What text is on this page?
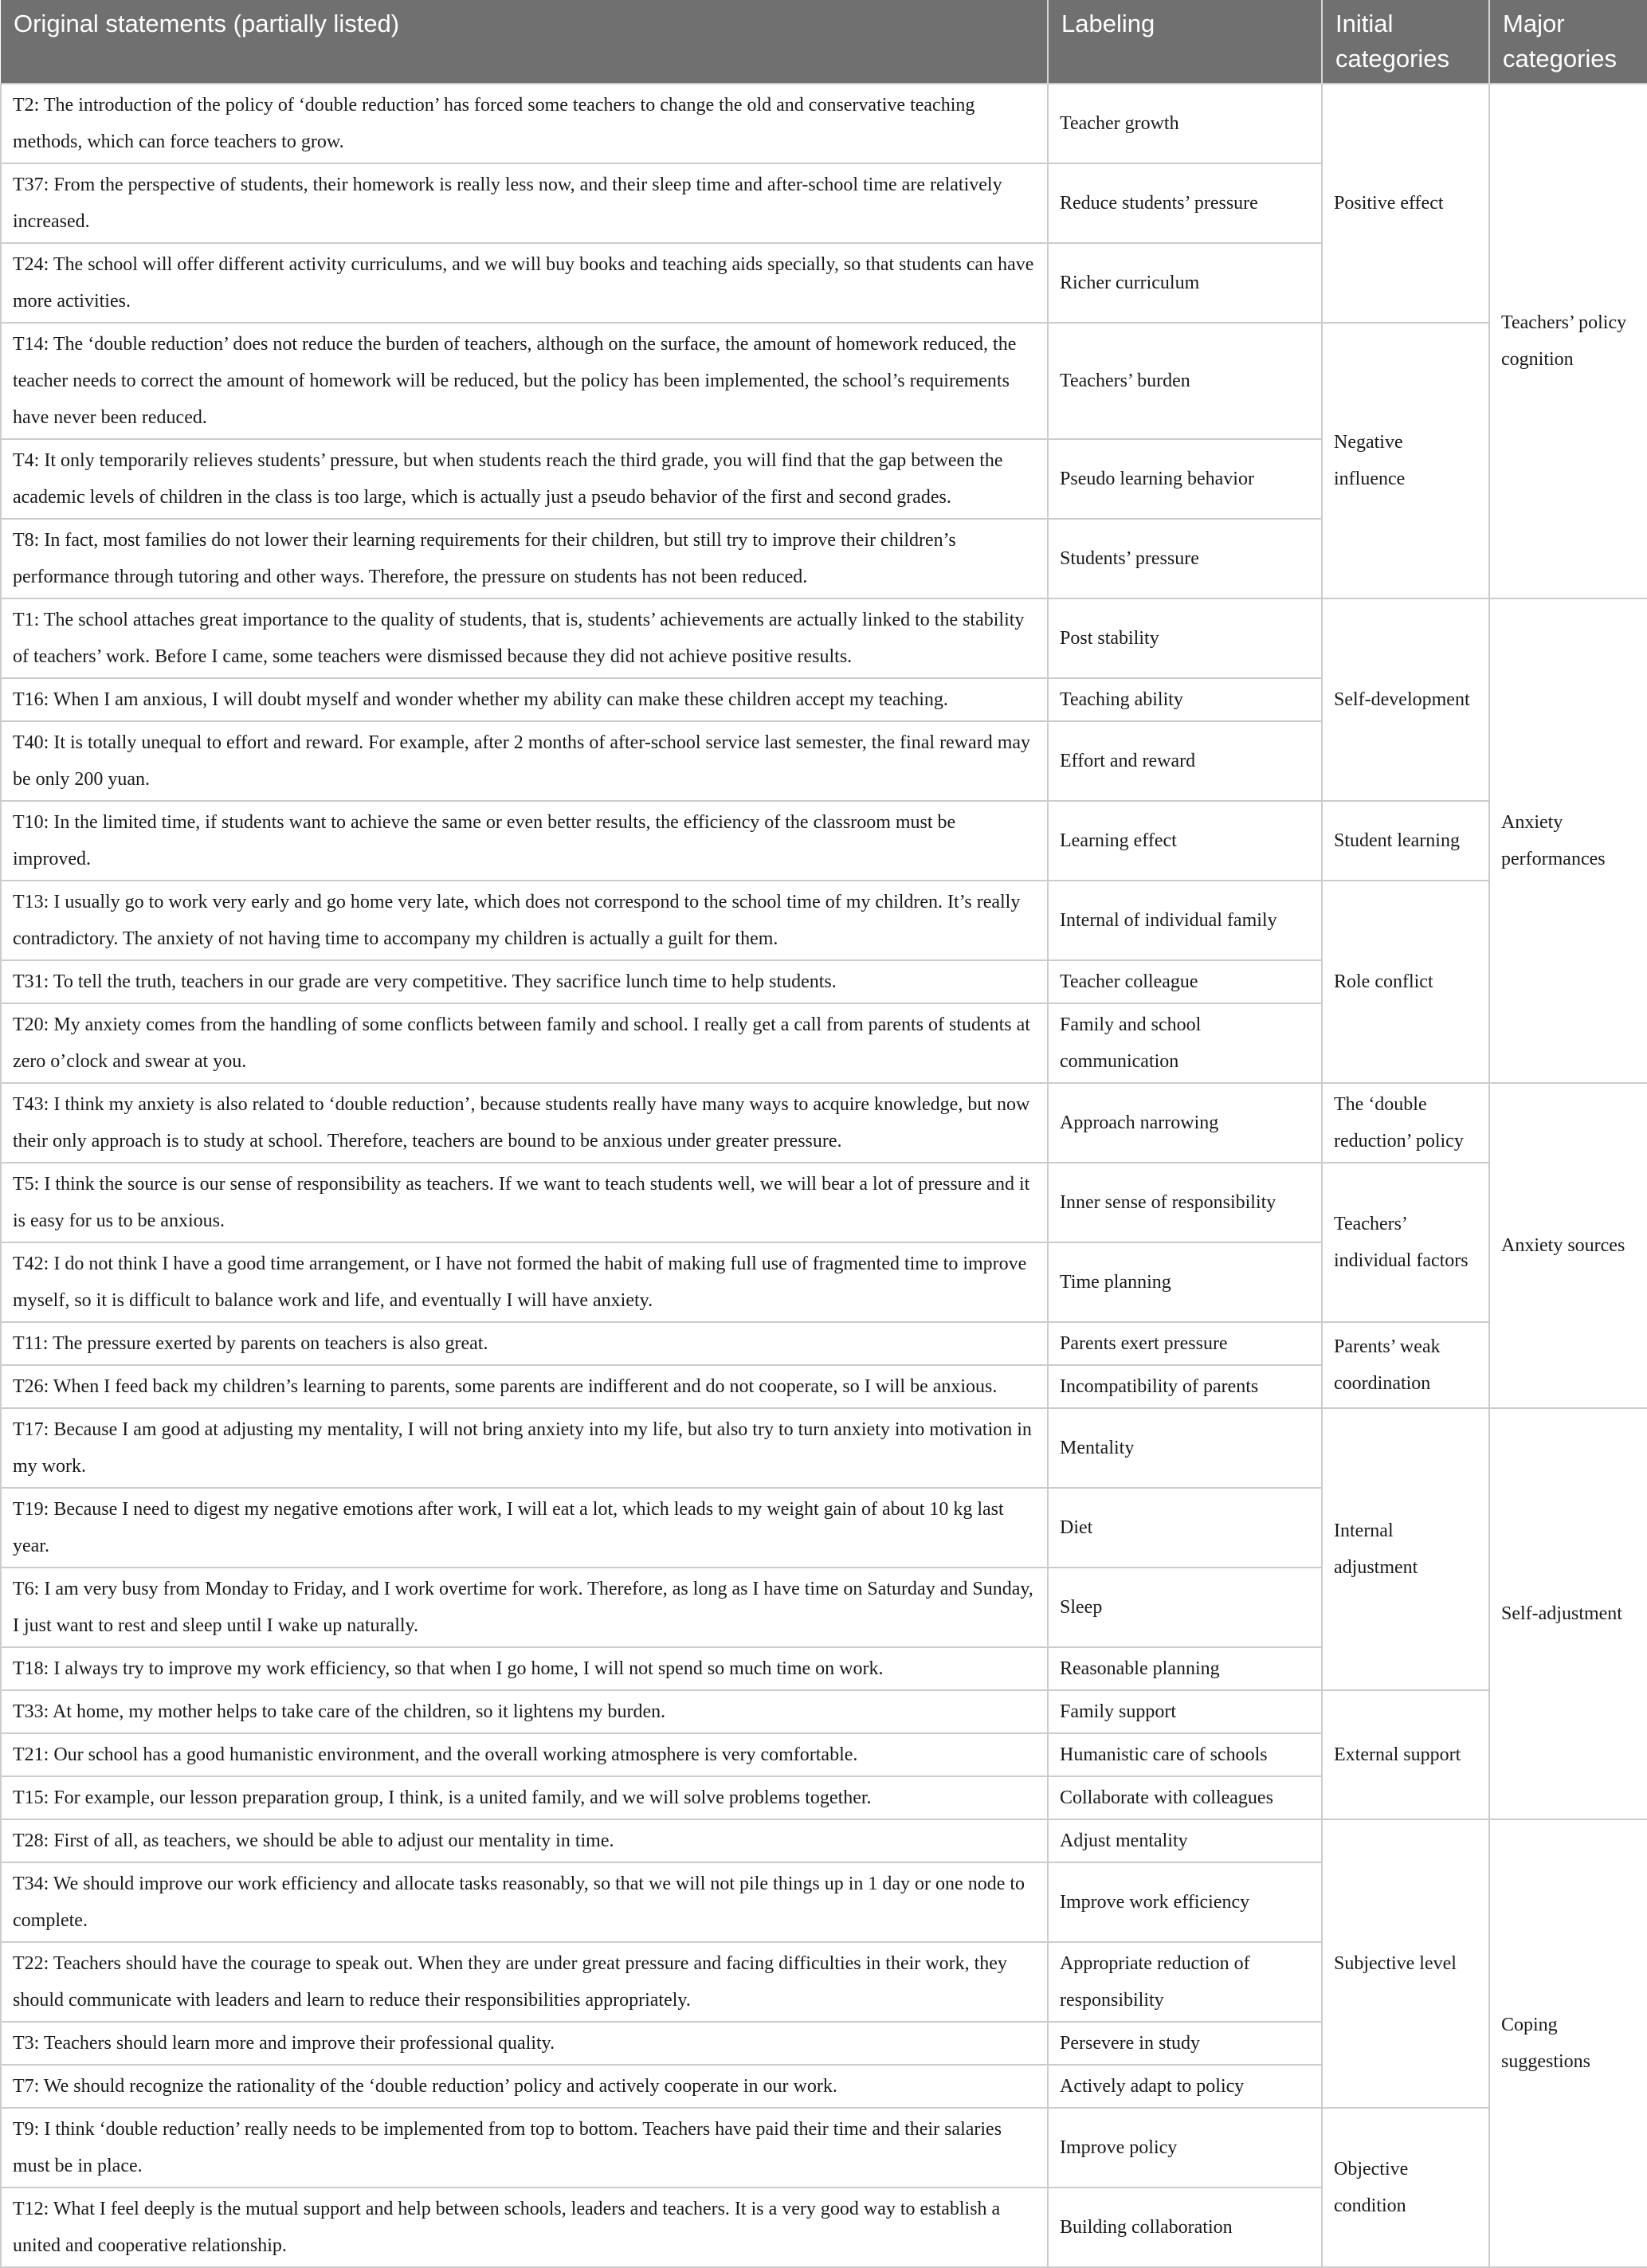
Original statements (partially listed)	Labeling	Initial categories	Major categories
T2: The introduction of the policy of ‘double reduction’ has forced some teachers to change the old and conservative teaching methods, which can force teachers to grow.	Teacher growth	Positive effect	Teachers’ policy cognition
T37: From the perspective of students, their homework is really less now, and their sleep time and after-school time are relatively increased.	Reduce students’ pressure		
T24: The school will offer different activity curriculums, and we will buy books and teaching aids specially, so that students can have more activities.	Richer curriculum		
T14: The ‘double reduction’ does not reduce the burden of teachers, although on the surface, the amount of homework reduced, the teacher needs to correct the amount of homework will be reduced, but the policy has been implemented, the school’s requirements have never been reduced.	Teachers’ burden	Negative influence	
T4: It only temporarily relieves students’ pressure, but when students reach the third grade, you will find that the gap between the academic levels of children in the class is too large, which is actually just a pseudo behavior of the first and second grades.	Pseudo learning behavior		
T8: In fact, most families do not lower their learning requirements for their children, but still try to improve their children’s performance through tutoring and other ways. Therefore, the pressure on students has not been reduced.	Students’ pressure		
T1: The school attaches great importance to the quality of students, that is, students’ achievements are actually linked to the stability of teachers’ work. Before I came, some teachers were dismissed because they did not achieve positive results.	Post stability	Self-development	Anxiety performances
T16: When I am anxious, I will doubt myself and wonder whether my ability can make these children accept my teaching.	Teaching ability		
T40: It is totally unequal to effort and reward. For example, after 2 months of after-school service last semester, the final reward may be only 200 yuan.	Effort and reward		
T10: In the limited time, if students want to achieve the same or even better results, the efficiency of the classroom must be improved.	Learning effect	Student learning	
T13: I usually go to work very early and go home very late, which does not correspond to the school time of my children. It’s really contradictory. The anxiety of not having time to accompany my children is actually a guilt for them.	Internal of individual family	Role conflict	
T31: To tell the truth, teachers in our grade are very competitive. They sacrifice lunch time to help students.	Teacher colleague		
T20: My anxiety comes from the handling of some conflicts between family and school. I really get a call from parents of students at zero o’clock and swear at you.	Family and school communication		
T43: I think my anxiety is also related to ‘double reduction’, because students really have many ways to acquire knowledge, but now their only approach is to study at school. Therefore, teachers are bound to be anxious under greater pressure.	Approach narrowing	The ‘double reduction’ policy	Anxiety sources
T5: I think the source is our sense of responsibility as teachers. If we want to teach students well, we will bear a lot of pressure and it is easy for us to be anxious.	Inner sense of responsibility	Teachers’ individual factors	
T42: I do not think I have a good time arrangement, or I have not formed the habit of making full use of fragmented time to improve myself, so it is difficult to balance work and life, and eventually I will have anxiety.	Time planning		
T11: The pressure exerted by parents on teachers is also great.	Parents exert pressure	Parents’ weak coordination	
T26: When I feed back my children’s learning to parents, some parents are indifferent and do not cooperate, so I will be anxious.	Incompatibility of parents		
T17: Because I am good at adjusting my mentality, I will not bring anxiety into my life, but also try to turn anxiety into motivation in my work.	Mentality	Internal adjustment	Self-adjustment
T19: Because I need to digest my negative emotions after work, I will eat a lot, which leads to my weight gain of about 10 kg last year.	Diet		
T6: I am very busy from Monday to Friday, and I work overtime for work. Therefore, as long as I have time on Saturday and Sunday, I just want to rest and sleep until I wake up naturally.	Sleep		
T18: I always try to improve my work efficiency, so that when I go home, I will not spend so much time on work.	Reasonable planning		
T33: At home, my mother helps to take care of the children, so it lightens my burden.	Family support	External support	
T21: Our school has a good humanistic environment, and the overall working atmosphere is very comfortable.	Humanistic care of schools		
T15: For example, our lesson preparation group, I think, is a united family, and we will solve problems together.	Collaborate with colleagues		
T28: First of all, as teachers, we should be able to adjust our mentality in time.	Adjust mentality	Subjective level	Coping suggestions
T34: We should improve our work efficiency and allocate tasks reasonably, so that we will not pile things up in 1 day or one node to complete.	Improve work efficiency		
T22: Teachers should have the courage to speak out. When they are under great pressure and facing difficulties in their work, they should communicate with leaders and learn to reduce their responsibilities appropriately.	Appropriate reduction of responsibility		
T3: Teachers should learn more and improve their professional quality.	Persevere in study		
T7: We should recognize the rationality of the ‘double reduction’ policy and actively cooperate in our work.	Actively adapt to policy		
T9: I think ‘double reduction’ really needs to be implemented from top to bottom. Teachers have paid their time and their salaries must be in place.	Improve policy	Objective condition	
T12: What I feel deeply is the mutual support and help between schools, leaders and teachers. It is a very good way to establish a united and cooperative relationship.	Building collaboration		
